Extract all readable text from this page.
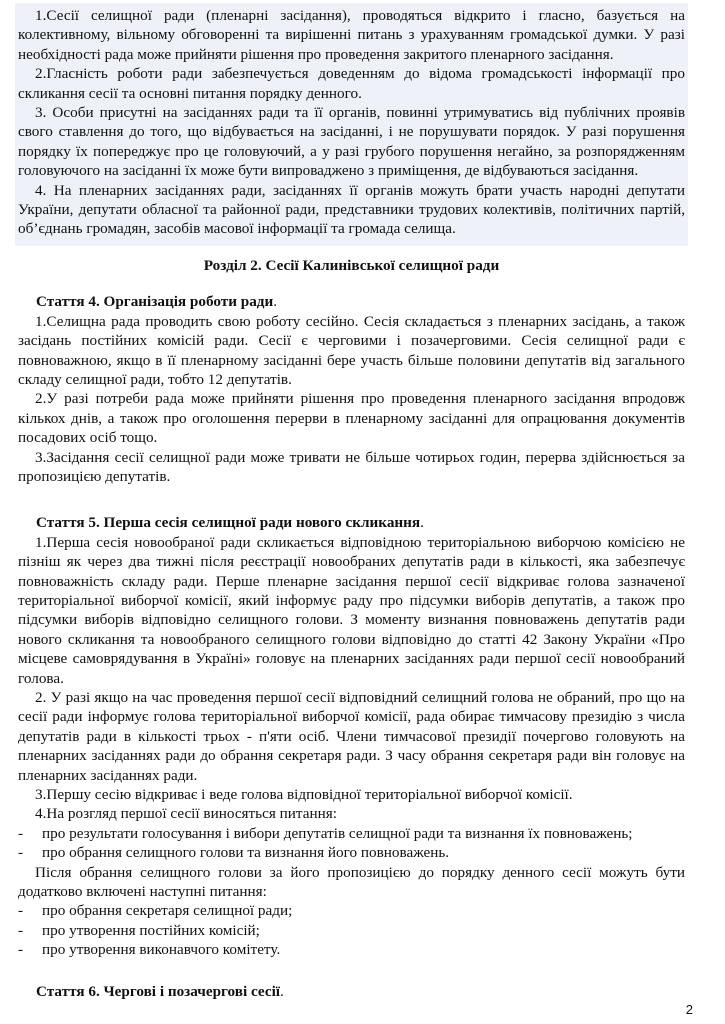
1.Сесії селищної ради (пленарні засідання), проводяться відкрито і гласно, базується на колективному, вільному обговоренні та вирішенні питань з урахуванням громадської думки. У разі необхідності рада може прийняти рішення про проведення закритого пленарного засідання.

2.Гласність роботи ради забезпечується доведенням до відома громадськості інформації про скликання сесії та основні питання порядку денного.

3. Особи присутні на засіданнях ради та її органів, повинні утримуватись від публічних проявів свого ставлення до того, що відбувається на засіданні, і не порушувати порядок. У разі порушення порядку їх попереджує про це головуючий, а у разі грубого порушення негайно, за розпорядженням головуючого на засіданні їх може бути випроваджено з приміщення, де відбуваються засідання.

4. На пленарних засіданнях ради, засіданнях її органів можуть брати участь народні депутати України, депутати обласної та районної ради, представники трудових колективів, політичних партій, об’єднань громадян, засобів масової інформації та громада селища.

Розділ 2. Сесії Калинівської селищної ради

Стаття 4. Організація роботи ради.

1.Селищна рада проводить свою роботу сесійно. Сесія складається з пленарних засідань, а також засідань постійних комісій ради. Сесії є черговими і позачерговими. Сесія селищної ради є повноважною, якщо в її пленарному засіданні бере участь більше половини депутатів від загального складу селищної ради, тобто 12 депутатів.

2.У разі потреби рада може прийняти рішення про проведення пленарного засідання впродовж кількох днів, а також про оголошення перерви в пленарному засіданні для опрацювання документів посадових осіб тощо.

3.Засідання сесії селищної ради може тривати не більше чотирьох годин, перерва здійснюється за пропозицією депутатів.

Стаття 5. Перша сесія селищної ради нового скликання.

1.Перша сесія новообраної ради скликається відповідною територіальною виборчою комісією не пізніш як через два тижні після реєстрації новообраних депутатів ради в кількості, яка забезпечує повноважність складу ради. Перше пленарне засідання першої сесії відкриває голова зазначеної територіальної виборчої комісії, який інформує раду про підсумки виборів депутатів, а також про підсумки виборів відповідно селищного голови. З моменту визнання повноважень депутатів ради нового скликання та новообраного селищного голови відповідно до статті 42 Закону України «Про місцеве самоврядування в Україні» головує на пленарних засіданнях ради першої сесії новообраний голова.

2. У разі якщо на час проведення першої сесії відповідний селищний голова не обраний, про що на сесії ради інформує голова територіальної виборчої комісії, рада обирає тимчасову президію з числа депутатів ради в кількості трьох - п'яти осіб. Члени тимчасової президії почергово головують на пленарних засіданнях ради до обрання секретаря ради. З часу обрання секретаря ради він головує на пленарних засіданнях ради.

3.Першу сесію відкриває і веде голова відповідної територіальної виборчої комісії.

4.На розгляд першої сесії виносяться питання:

- про результати голосування і вибори депутатів селищної ради та визнання їх повноважень;

- про обрання селищного голови та визнання його повноважень.

Після обрання селищного голови за його пропозицією до порядку денного сесії можуть бути додатково включені наступні питання:

- про обрання секретаря селищної ради;

- про утворення постійних комісій;

- про утворення виконавчого комітету.

Стаття 6. Чергові і позачергові сесії.

2
